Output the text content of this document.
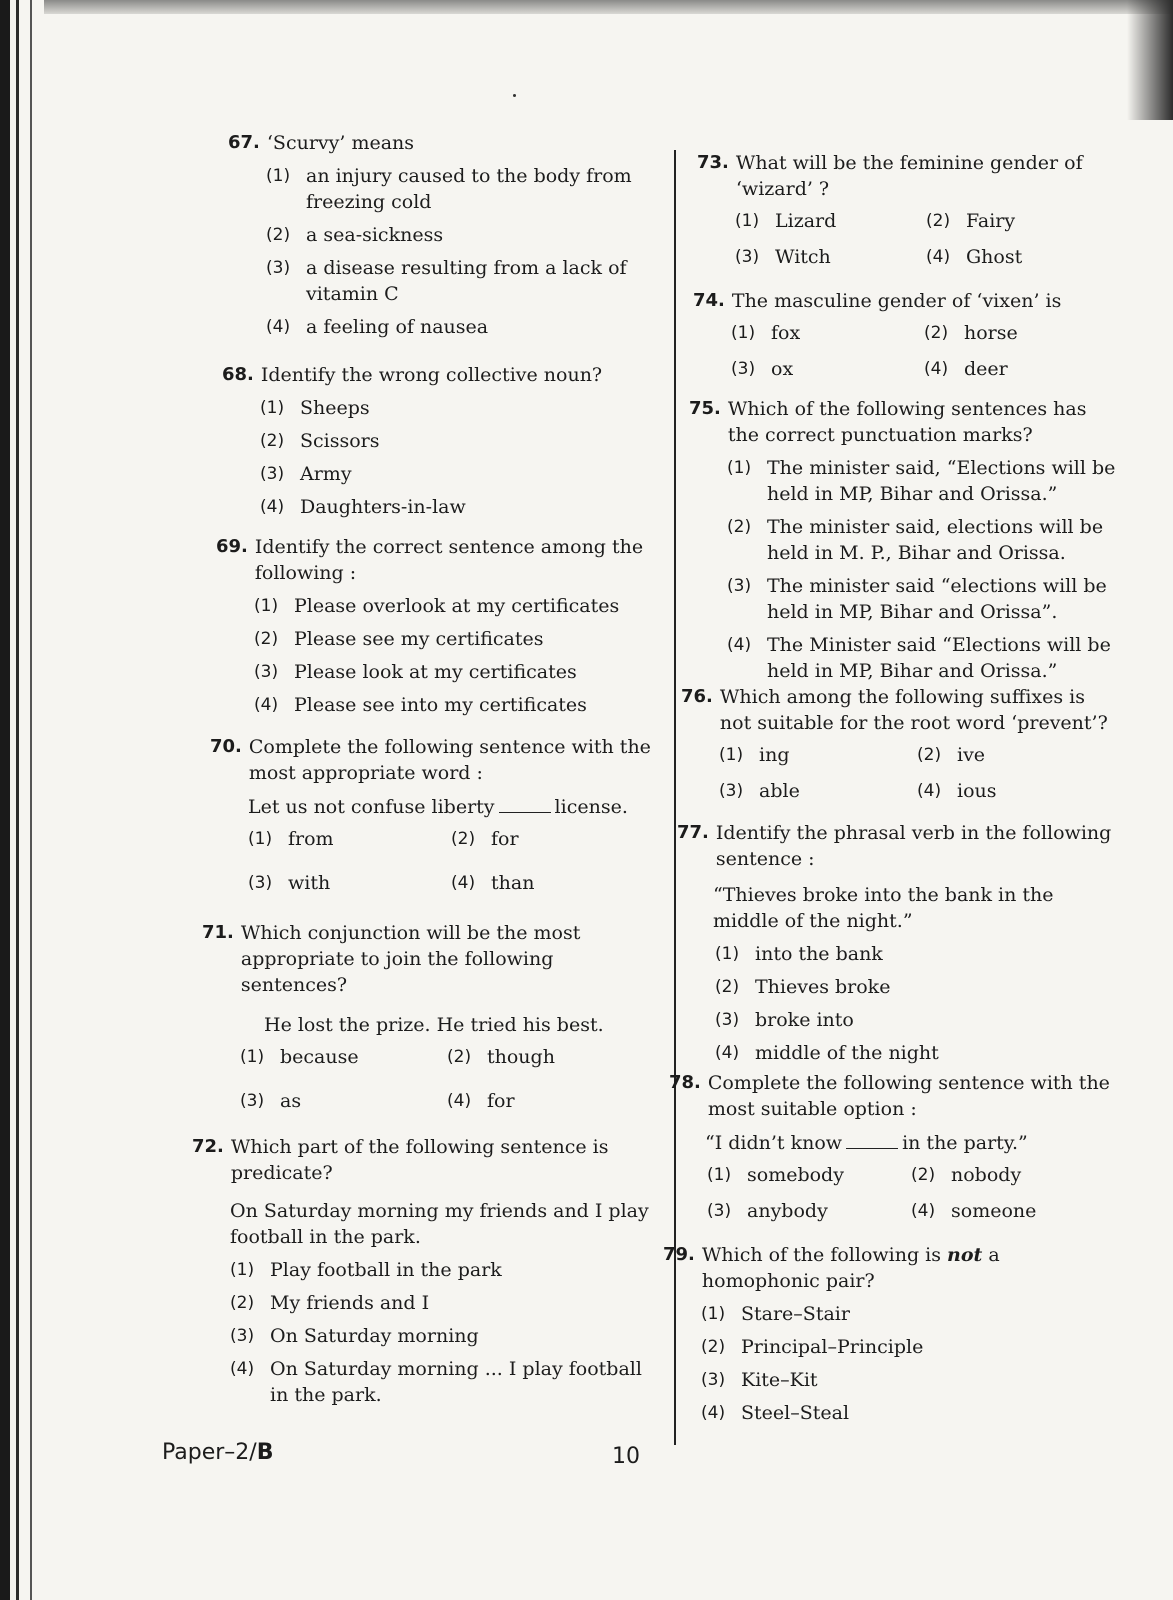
67. ‘Scurvy’ means
(1) an injury caused to the body from freezing cold
(2) a sea-sickness
(3) a disease resulting from a lack of vitamin C
(4) a feeling of nausea
68. Identify the wrong collective noun?
(1) Sheeps
(2) Scissors
(3) Army
(4) Daughters-in-law
69. Identify the correct sentence among the following :
(1) Please overlook at my certificates
(2) Please see my certificates
(3) Please look at my certificates
(4) Please see into my certificates
70. Complete the following sentence with the most appropriate word :
Let us not confuse liberty	license.
(1) from	(2) for
(3) with	(4) than
71. Which conjunction will be the most appropriate to join the following sentences?
He lost the prize. He tried his best.
(1) because	(2) though
(3) as	(4) for
72. Which part of the following sentence is predicate?
On Saturday morning my friends and I play football in the park.
(1) Play football in the park
(2) My friends and I
(3) On Saturday morning
(4) On Saturday morning ... I play football in the park.
73. What will be the feminine gender of ‘wizard’ ?
(1) Lizard	(2) Fairy
(3) Witch	(4) Ghost
74. The masculine gender of ‘vixen’ is
(1) fox	(2) horse
(3) ox	(4) deer
75. Which of the following sentences has the correct punctuation marks?
(1) The minister said, “Elections will be held in MP, Bihar and Orissa.”
(2) The minister said, elections will be held in M. P., Bihar and Orissa.
(3) The minister said “elections will be held in MP, Bihar and Orissa”.
(4) The Minister said “Elections will be held in MP, Bihar and Orissa.”
76. Which among the following suffixes is not suitable for the root word ‘prevent’?
(1) ing	(2) ive
(3) able	(4) ious
77. Identify the phrasal verb in the following sentence :
“Thieves broke into the bank in the middle of the night.”
(1) into the bank
(2) Thieves broke
(3) broke into
(4) middle of the night
78. Complete the following sentence with the most suitable option :
“I didn’t know	in the party.”
(1) somebody	(2) nobody
(3) anybody	(4) someone
79. Which of the following is not a homophonic pair?
(1) Stare–Stair
(2) Principal–Principle
(3) Kite–Kit
(4) Steel–Steal
Paper–2/B	10
